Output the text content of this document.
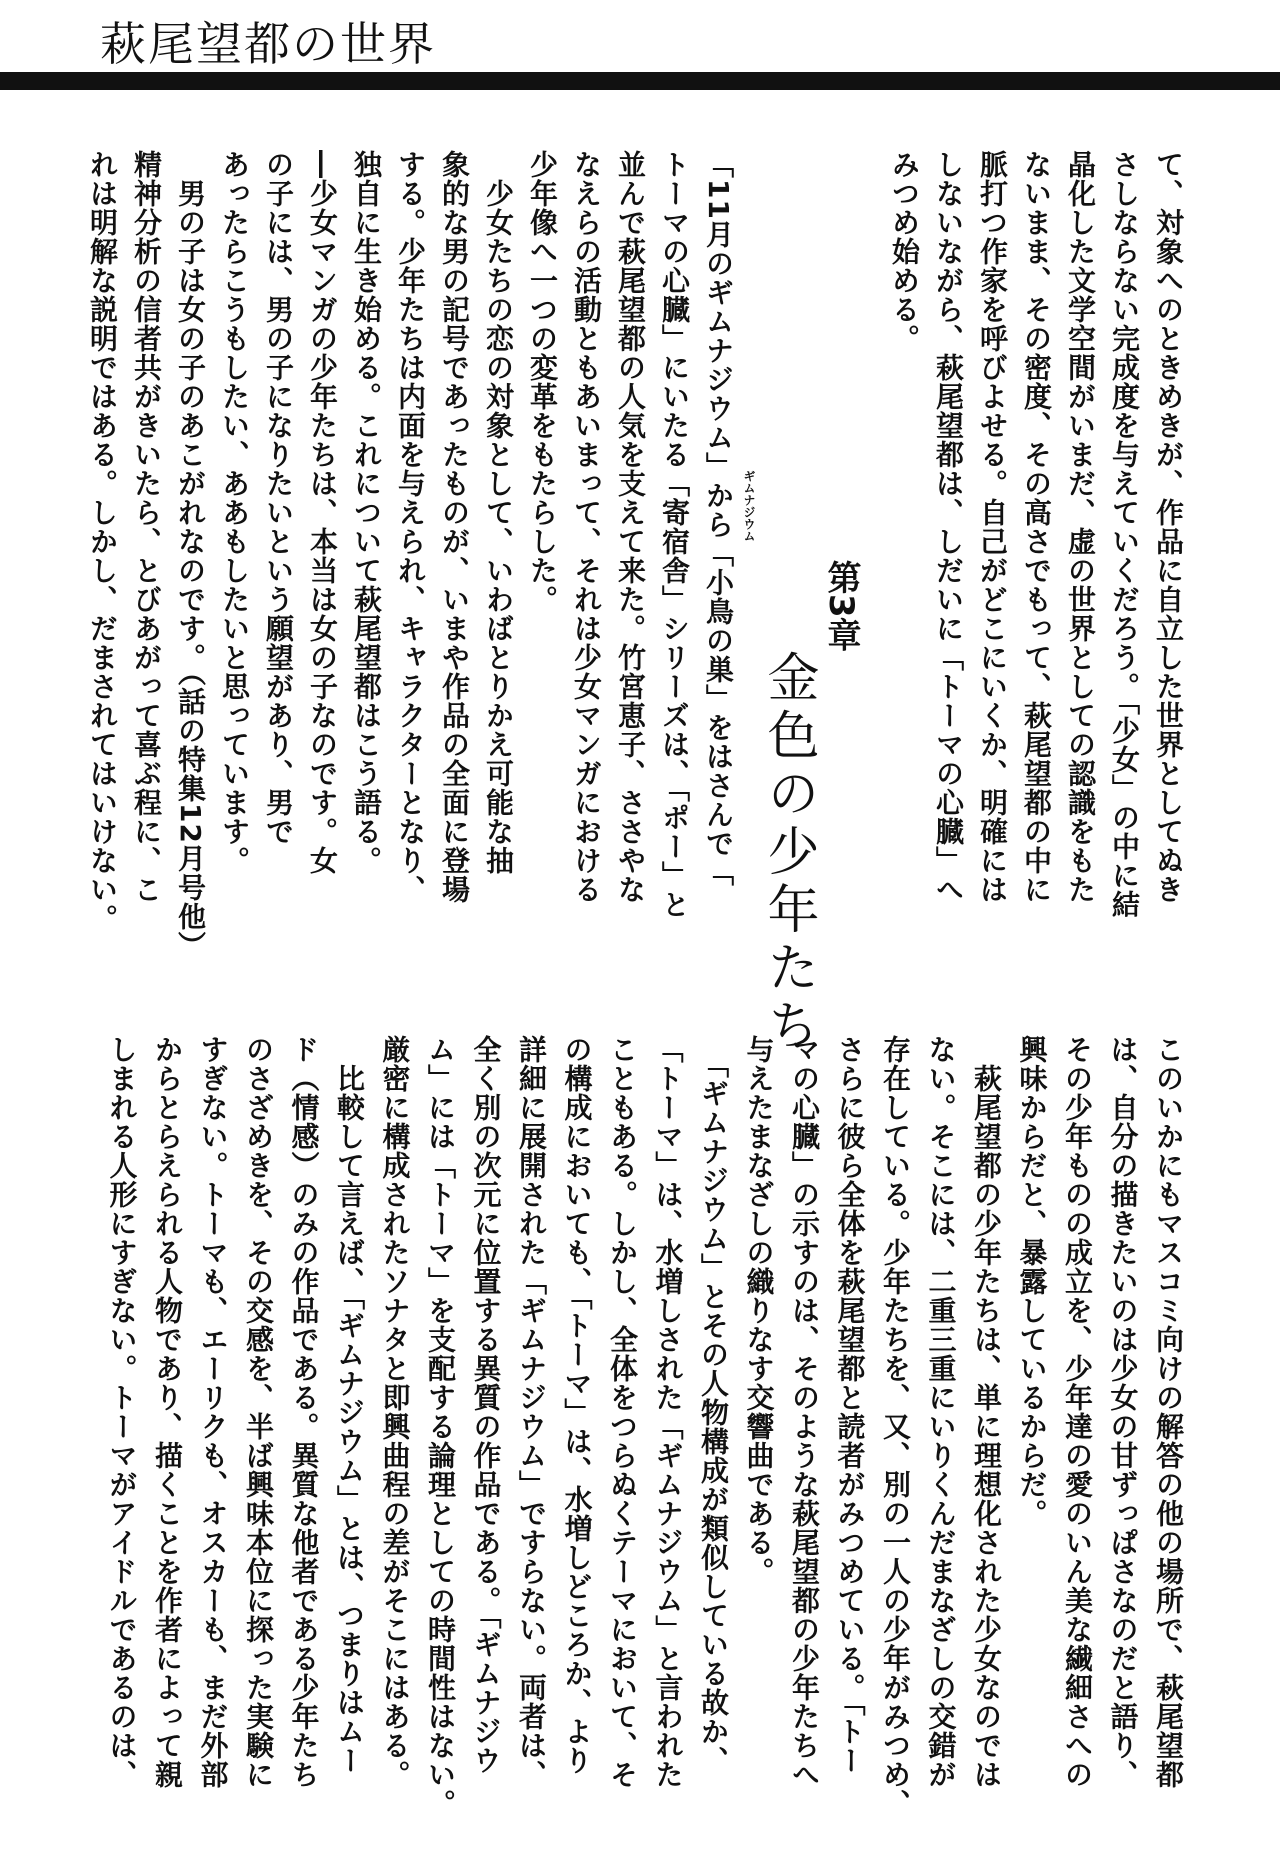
萩尾望都の世界
て、対象へのときめきが、作品に自立した世界としてぬき
さしならない完成度を与えていくだろう。「少女」の中に結
晶化した文学空間がいまだ、虚の世界としての認識をもた
ないまま、その密度、その高さでもって、萩尾望都の中に
脈打つ作家を呼びよせる。自己がどこにいくか、明確には
しないながら、萩尾望都は、しだいに「トーマの心臓」へ
みつめ始める。
第3章
金色の少年たち
ギムナジウム
「11月のギムナジウム」から「小鳥の巣」をはさんで「
トーマの心臓」にいたる「寄宿舎」シリーズは、「ポー」と
並んで萩尾望都の人気を支えて来た。竹宮恵子、ささやな
なえらの活動ともあいまって、それは少女マンガにおける
少年像へ一つの変革をもたらした。
　少女たちの恋の対象として、いわばとりかえ可能な抽
象的な男の記号であったものが、いまや作品の全面に登場
する。少年たちは内面を与えられ、キャラクターとなり、
独自に生き始める。これについて萩尾望都はこう語る。
―少女マンガの少年たちは、本当は女の子なのです。女
の子には、男の子になりたいという願望があり、男で
あったらこうもしたい、ああもしたいと思っています。
　男の子は女の子のあこがれなのです。（話の特集12月号他）
精神分析の信者共がきいたら、とびあがって喜ぶ程に、こ
れは明解な説明ではある。しかし、だまされてはいけない。
このいかにもマスコミ向けの解答の他の場所で、萩尾望都
は、自分の描きたいのは少女の甘ずっぱさなのだと語り、
その少年ものの成立を、少年達の愛のいん美な繊細さへの
興味からだと、暴露しているからだ。
　萩尾望都の少年たちは、単に理想化された少女なのでは
ない。そこには、二重三重にいりくんだまなざしの交錯が
存在している。少年たちを、又、別の一人の少年がみつめ、
さらに彼ら全体を萩尾望都と読者がみつめている。「トー
マの心臓」の示すのは、そのような萩尾望都の少年たちへ
与えたまなざしの織りなす交響曲である。
　「ギムナジウム」とその人物構成が類似している故か、
「トーマ」は、水増しされた「ギムナジウム」と言われた
こともある。しかし、全体をつらぬくテーマにおいて、そ
の構成においても、「トーマ」は、水増しどころか、より
詳細に展開された「ギムナジウム」ですらない。両者は、
全く別の次元に位置する異質の作品である。「ギムナジウ
ム」には「トーマ」を支配する論理としての時間性はない。
厳密に構成されたソナタと即興曲程の差がそこにはある。
　比較して言えば、「ギムナジウム」とは、つまりはムー
ド（情感）のみの作品である。異質な他者である少年たち
のさざめきを、その交感を、半ば興味本位に探った実験に
すぎない。トーマも、エーリクも、オスカーも、まだ外部
からとらえられる人物であり、描くことを作者によって親
しまれる人形にすぎない。トーマがアイドルであるのは、
